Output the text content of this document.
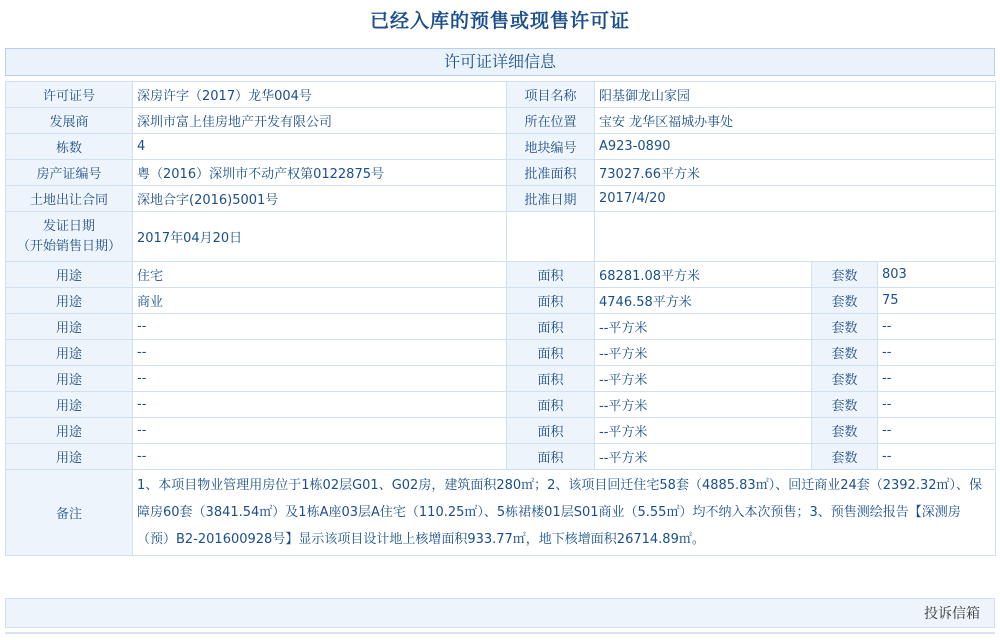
已经入库的预售或现售许可证
许可证详细信息
许可证号	深房许字（2017）龙华004号	项目名称	阳基御龙山家园		
发展商	深圳市富上佳房地产开发有限公司	所在位置	宝安 龙华区福城办事处		
栋数	4	地块编号	A923-0890		
房产证编号	粤（2016）深圳市不动产权第0122875号	批准面积	73027.66平方米		
土地出让合同	深地合字(2016)5001号	批准日期	2017/4/20		

发证日期
（开始销售日期）	2017年04月20日				
用途	住宅	面积	68281.08平方米	套数	803
用途	商业	面积	4746.58平方米	套数	75
用途	--	面积	--平方米	套数	--
用途	--	面积	--平方米	套数	--
用途	--	面积	--平方米	套数	--
用途	--	面积	--平方米	套数	--
用途	--	面积	--平方米	套数	--
用途	--	面积	--平方米	套数	--
备注	1、本项目物业管理用房位于1栋02层G01、G02房，建筑面积280㎡；2、该项目回迁住宅58套（4885.83㎡）、回迁商业24套（2392.32㎡）、保障房60套（3841.54㎡）及1栋A座03层A住宅（110.25㎡）、5栋裙楼01层S01商业（5.55㎡）均不纳入本次预售；3、预售测绘报告【深测房（预）B2-201600928号】显示该项目设计地上核增面积933.77㎡，地下核增面积26714.89㎡。				
投诉信箱
